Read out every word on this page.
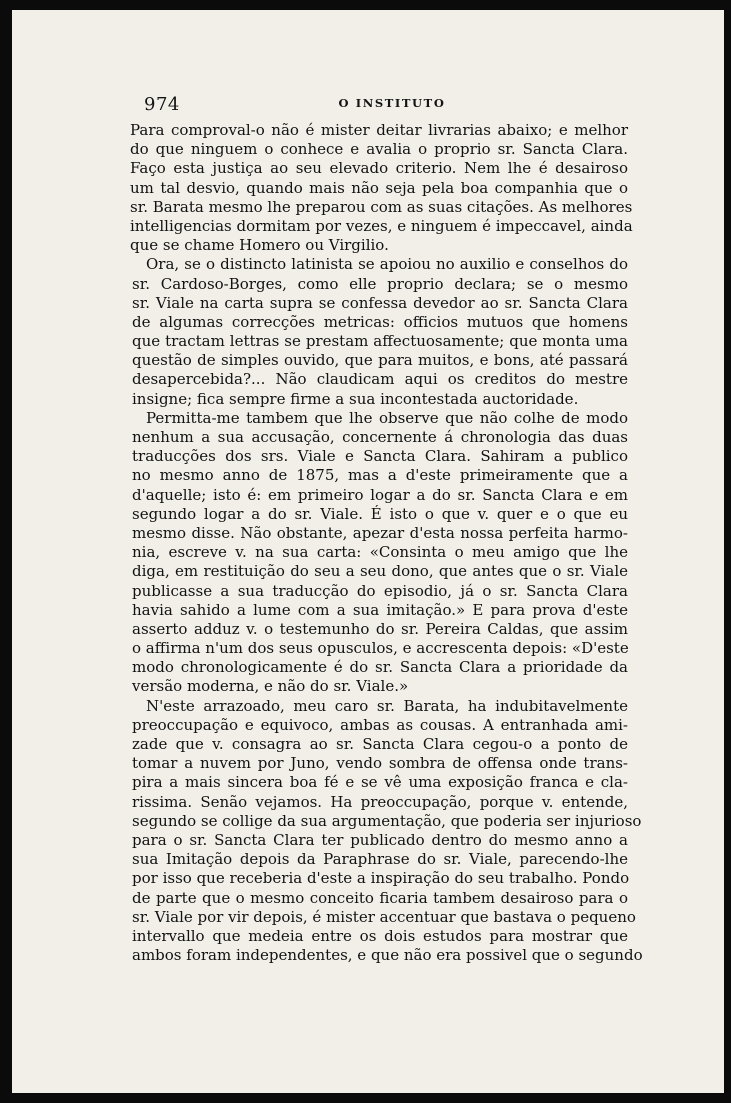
974	O INSTITUTO
Para comproval-o não é mister deitar livrarias abaixo; e melhor
do que ninguem o conhece e avalia o proprio sr. Sancta Clara.
Faço esta justiça ao seu elevado criterio. Nem lhe é desairoso
um tal desvio, quando mais não seja pela boa companhia que o
sr. Barata mesmo lhe preparou com as suas citações. As melhores
intelligencias dormitam por vezes, e ninguem é impeccavel, ainda
que se chame Homero ou Virgilio.
Ora, se o distincto latinista se apoiou no auxilio e conselhos do
sr. Cardoso-Borges, como elle proprio declara; se o mesmo
sr. Viale na carta supra se confessa devedor ao sr. Sancta Clara
de algumas correcções metricas: officios mutuos que homens
que tractam lettras se prestam affectuosamente; que monta uma
questão de simples ouvido, que para muitos, e bons, até passará
desapercebida?... Não claudicam aqui os creditos do mestre
insigne; fica sempre firme a sua incontestada auctoridade.
Permitta-me tambem que lhe observe que não colhe de modo
nenhum a sua accusação, concernente á chronologia das duas
traducções dos srs. Viale e Sancta Clara. Sahiram a publico
no mesmo anno de 1875, mas a d'este primeiramente que a
d'aquelle; isto é: em primeiro logar a do sr. Sancta Clara e em
segundo logar a do sr. Viale. É isto o que v. quer e o que eu
mesmo disse. Não obstante, apezar d'esta nossa perfeita harmo-
nia, escreve v. na sua carta: «Consinta o meu amigo que lhe
diga, em restituição do seu a seu dono, que antes que o sr. Viale
publicasse a sua traducção do episodio, já o sr. Sancta Clara
havia sahido a lume com a sua imitação.» E para prova d'este
asserto adduz v. o testemunho do sr. Pereira Caldas, que assim
o affirma n'um dos seus opusculos, e accrescenta depois: «D'este
modo chronologicamente é do sr. Sancta Clara a prioridade da
versão moderna, e não do sr. Viale.»
N'este arrazoado, meu caro sr. Barata, ha indubitavelmente
preoccupação e equivoco, ambas as cousas. A entranhada ami-
zade que v. consagra ao sr. Sancta Clara cegou-o a ponto de
tomar a nuvem por Juno, vendo sombra de offensa onde trans-
pira a mais sincera boa fé e se vê uma exposição franca e cla-
rissima. Senão vejamos. Ha preoccupação, porque v. entende,
segundo se collige da sua argumentação, que poderia ser injurioso
para o sr. Sancta Clara ter publicado dentro do mesmo anno a
sua Imitação depois da Paraphrase do sr. Viale, parecendo-lhe
por isso que receberia d'este a inspiração do seu trabalho. Pondo
de parte que o mesmo conceito ficaria tambem desairoso para o
sr. Viale por vir depois, é mister accentuar que bastava o pequeno
intervallo que medeia entre os dois estudos para mostrar que
ambos foram independentes, e que não era possivel que o segundo
